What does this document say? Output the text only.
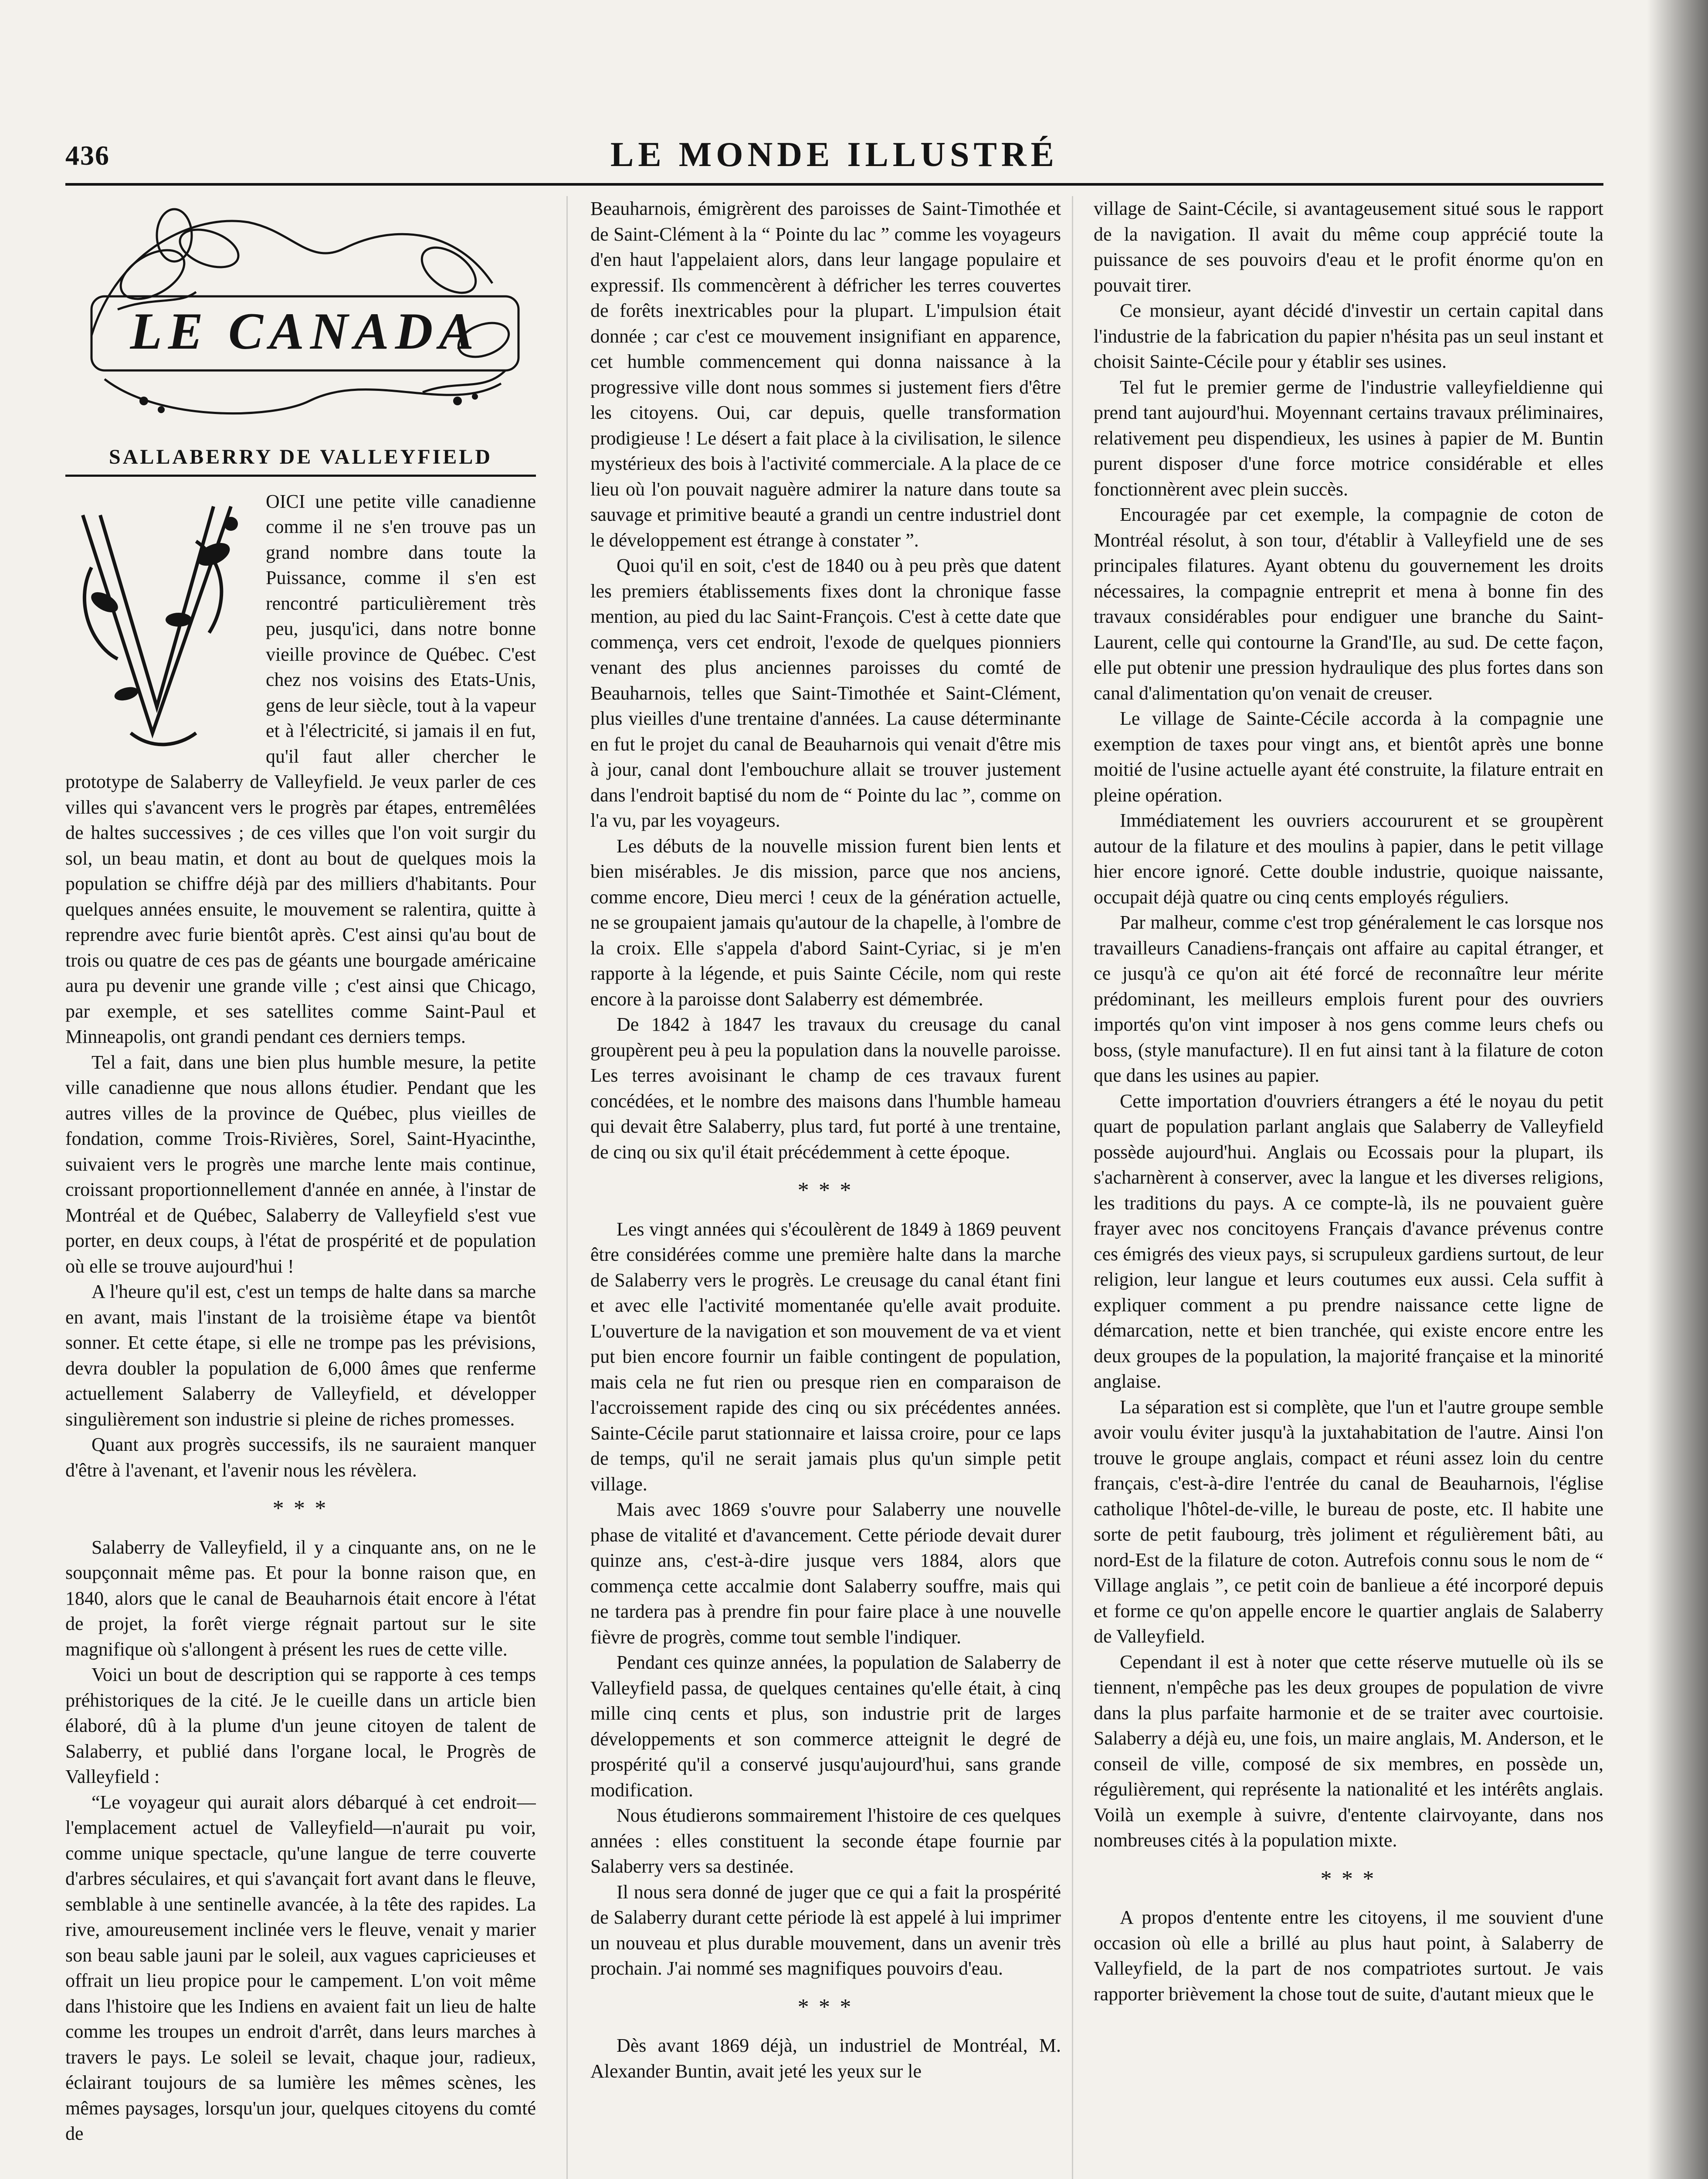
436	LE MONDE ILLUSTRÉ
LE CANADA
SALLABERRY DE VALLEYFIELD

OICI une petite ville canadienne comme il ne s'en trouve pas un grand nombre dans toute la Puissance, comme il s'en est rencontré particulièrement très peu, jusqu'ici, dans notre bonne vieille province de Québec. C'est chez nos voisins des Etats-Unis, gens de leur siècle, tout à la vapeur et à l'électricité, si jamais il en fut, qu'il faut aller chercher le prototype de Salaberry de Valleyfield. Je veux parler de ces villes qui s'avancent vers le progrès par étapes, entremêlées de haltes successives ; de ces villes que l'on voit surgir du sol, un beau matin, et dont au bout de quelques mois la population se chiffre déjà par des milliers d'habitants. Pour quelques années ensuite, le mouvement se ralentira, quitte à reprendre avec furie bientôt après. C'est ainsi qu'au bout de trois ou quatre de ces pas de géants une bourgade américaine aura pu devenir une grande ville ; c'est ainsi que Chicago, par exemple, et ses satellites comme Saint-Paul et Minneapolis, ont grandi pendant ces derniers temps.

Tel a fait, dans une bien plus humble mesure, la petite ville canadienne que nous allons étudier. Pendant que les autres villes de la province de Québec, plus vieilles de fondation, comme Trois-Rivières, Sorel, Saint-Hyacinthe, suivaient vers le progrès une marche lente mais continue, croissant proportionnellement d'année en année, à l'instar de Montréal et de Québec, Salaberry de Valleyfield s'est vue porter, en deux coups, à l'état de prospérité et de population où elle se trouve aujourd'hui !

A l'heure qu'il est, c'est un temps de halte dans sa marche en avant, mais l'instant de la troisième étape va bientôt sonner. Et cette étape, si elle ne trompe pas les prévisions, devra doubler la population de 6,000 âmes que renferme actuellement Salaberry de Valleyfield, et développer singulièrement son industrie si pleine de riches promesses.

Quant aux progrès successifs, ils ne sauraient manquer d'être à l'avenant, et l'avenir nous les révèlera.

* * *

Salaberry de Valleyfield, il y a cinquante ans, on ne le soupçonnait même pas. Et pour la bonne raison que, en 1840, alors que le canal de Beauharnois était encore à l'état de projet, la forêt vierge régnait partout sur le site magnifique où s'allongent à présent les rues de cette ville.

Voici un bout de description qui se rapporte à ces temps préhistoriques de la cité. Je le cueille dans un article bien élaboré, dû à la plume d'un jeune citoyen de talent de Salaberry, et publié dans l'organe local, le Progrès de Valleyfield :

“Le voyageur qui aurait alors débarqué à cet endroit—l'emplacement actuel de Valleyfield—n'aurait pu voir, comme unique spectacle, qu'une langue de terre couverte d'arbres séculaires, et qui s'avançait fort avant dans le fleuve, semblable à une sentinelle avancée, à la tête des rapides. La rive, amoureusement inclinée vers le fleuve, venait y marier son beau sable jauni par le soleil, aux vagues capricieuses et offrait un lieu propice pour le campement. L'on voit même dans l'histoire que les Indiens en avaient fait un lieu de halte comme les troupes un endroit d'arrêt, dans leurs marches à travers le pays. Le soleil se levait, chaque jour, radieux, éclairant toujours de sa lumière les mêmes scènes, les mêmes paysages, lorsqu'un jour, quelques citoyens du comté de

Beauharnois, émigrèrent des paroisses de Saint-Timothée et de Saint-Clément à la “ Pointe du lac ” comme les voyageurs d'en haut l'appelaient alors, dans leur langage populaire et expressif. Ils commencèrent à défricher les terres couvertes de forêts inextricables pour la plupart. L'impulsion était donnée ; car c'est ce mouvement insignifiant en apparence, cet humble commencement qui donna naissance à la progressive ville dont nous sommes si justement fiers d'être les citoyens. Oui, car depuis, quelle transformation prodigieuse ! Le désert a fait place à la civilisation, le silence mystérieux des bois à l'activité commerciale. A la place de ce lieu où l'on pouvait naguère admirer la nature dans toute sa sauvage et primitive beauté a grandi un centre industriel dont le développement est étrange à constater ”.

Quoi qu'il en soit, c'est de 1840 ou à peu près que datent les premiers établissements fixes dont la chronique fasse mention, au pied du lac Saint-François. C'est à cette date que commença, vers cet endroit, l'exode de quelques pionniers venant des plus anciennes paroisses du comté de Beauharnois, telles que Saint-Timothée et Saint-Clément, plus vieilles d'une trentaine d'années. La cause déterminante en fut le projet du canal de Beauharnois qui venait d'être mis à jour, canal dont l'embouchure allait se trouver justement dans l'endroit baptisé du nom de “ Pointe du lac ”, comme on l'a vu, par les voyageurs.

Les débuts de la nouvelle mission furent bien lents et bien misérables. Je dis mission, parce que nos anciens, comme encore, Dieu merci ! ceux de la génération actuelle, ne se groupaient jamais qu'autour de la chapelle, à l'ombre de la croix. Elle s'appela d'abord Saint-Cyriac, si je m'en rapporte à la légende, et puis Sainte Cécile, nom qui reste encore à la paroisse dont Salaberry est démembrée.

De 1842 à 1847 les travaux du creusage du canal groupèrent peu à peu la population dans la nouvelle paroisse. Les terres avoisinant le champ de ces travaux furent concédées, et le nombre des maisons dans l'humble hameau qui devait être Salaberry, plus tard, fut porté à une trentaine, de cinq ou six qu'il était précédemment à cette époque.

* * *

Les vingt années qui s'écoulèrent de 1849 à 1869 peuvent être considérées comme une première halte dans la marche de Salaberry vers le progrès. Le creusage du canal étant fini et avec elle l'activité momentanée qu'elle avait produite. L'ouverture de la navigation et son mouvement de va et vient put bien encore fournir un faible contingent de population, mais cela ne fut rien ou presque rien en comparaison de l'accroissement rapide des cinq ou six précédentes années. Sainte-Cécile parut stationnaire et laissa croire, pour ce laps de temps, qu'il ne serait jamais plus qu'un simple petit village.

Mais avec 1869 s'ouvre pour Salaberry une nouvelle phase de vitalité et d'avancement. Cette période devait durer quinze ans, c'est-à-dire jusque vers 1884, alors que commença cette accalmie dont Salaberry souffre, mais qui ne tardera pas à prendre fin pour faire place à une nouvelle fièvre de progrès, comme tout semble l'indiquer.

Pendant ces quinze années, la population de Salaberry de Valleyfield passa, de quelques centaines qu'elle était, à cinq mille cinq cents et plus, son industrie prit de larges développements et son commerce atteignit le degré de prospérité qu'il a conservé jusqu'aujourd'hui, sans grande modification.

Nous étudierons sommairement l'histoire de ces quelques années : elles constituent la seconde étape fournie par Salaberry vers sa destinée.

Il nous sera donné de juger que ce qui a fait la prospérité de Salaberry durant cette période là est appelé à lui imprimer un nouveau et plus durable mouvement, dans un avenir très prochain. J'ai nommé ses magnifiques pouvoirs d'eau.

* * *

Dès avant 1869 déjà, un industriel de Montréal, M. Alexander Buntin, avait jeté les yeux sur le

village de Saint-Cécile, si avantageusement situé sous le rapport de la navigation. Il avait du même coup apprécié toute la puissance de ses pouvoirs d'eau et le profit énorme qu'on en pouvait tirer.

Ce monsieur, ayant décidé d'investir un certain capital dans l'industrie de la fabrication du papier n'hésita pas un seul instant et choisit Sainte-Cécile pour y établir ses usines.

Tel fut le premier germe de l'industrie valleyfieldienne qui prend tant aujourd'hui. Moyennant certains travaux préliminaires, relativement peu dispendieux, les usines à papier de M. Buntin purent disposer d'une force motrice considérable et elles fonctionnèrent avec plein succès.

Encouragée par cet exemple, la compagnie de coton de Montréal résolut, à son tour, d'établir à Valleyfield une de ses principales filatures. Ayant obtenu du gouvernement les droits nécessaires, la compagnie entreprit et mena à bonne fin des travaux considérables pour endiguer une branche du Saint-Laurent, celle qui contourne la Grand'Ile, au sud. De cette façon, elle put obtenir une pression hydraulique des plus fortes dans son canal d'alimentation qu'on venait de creuser.

Le village de Sainte-Cécile accorda à la compagnie une exemption de taxes pour vingt ans, et bientôt après une bonne moitié de l'usine actuelle ayant été construite, la filature entrait en pleine opération.

Immédiatement les ouvriers accoururent et se groupèrent autour de la filature et des moulins à papier, dans le petit village hier encore ignoré. Cette double industrie, quoique naissante, occupait déjà quatre ou cinq cents employés réguliers.

Par malheur, comme c'est trop généralement le cas lorsque nos travailleurs Canadiens-français ont affaire au capital étranger, et ce jusqu'à ce qu'on ait été forcé de reconnaître leur mérite prédominant, les meilleurs emplois furent pour des ouvriers importés qu'on vint imposer à nos gens comme leurs chefs ou boss, (style manufacture). Il en fut ainsi tant à la filature de coton que dans les usines au papier.

Cette importation d'ouvriers étrangers a été le noyau du petit quart de population parlant anglais que Salaberry de Valleyfield possède aujourd'hui. Anglais ou Ecossais pour la plupart, ils s'acharnèrent à conserver, avec la langue et les diverses religions, les traditions du pays. A ce compte-là, ils ne pouvaient guère frayer avec nos concitoyens Français d'avance prévenus contre ces émigrés des vieux pays, si scrupuleux gardiens surtout, de leur religion, leur langue et leurs coutumes eux aussi. Cela suffit à expliquer comment a pu prendre naissance cette ligne de démarcation, nette et bien tranchée, qui existe encore entre les deux groupes de la population, la majorité française et la minorité anglaise.

La séparation est si complète, que l'un et l'autre groupe semble avoir voulu éviter jusqu'à la juxtahabitation de l'autre. Ainsi l'on trouve le groupe anglais, compact et réuni assez loin du centre français, c'est-à-dire l'entrée du canal de Beauharnois, l'église catholique l'hôtel-de-ville, le bureau de poste, etc. Il habite une sorte de petit faubourg, très joliment et régulièrement bâti, au nord-Est de la filature de coton. Autrefois connu sous le nom de “ Village anglais ”, ce petit coin de banlieue a été incorporé depuis et forme ce qu'on appelle encore le quartier anglais de Salaberry de Valleyfield.

Cependant il est à noter que cette réserve mutuelle où ils se tiennent, n'empêche pas les deux groupes de population de vivre dans la plus parfaite harmonie et de se traiter avec courtoisie. Salaberry a déjà eu, une fois, un maire anglais, M. Anderson, et le conseil de ville, composé de six membres, en possède un, régulièrement, qui représente la nationalité et les intérêts anglais. Voilà un exemple à suivre, d'entente clairvoyante, dans nos nombreuses cités à la population mixte.

* * *

A propos d'entente entre les citoyens, il me souvient d'une occasion où elle a brillé au plus haut point, à Salaberry de Valleyfield, de la part de nos compatriotes surtout. Je vais rapporter brièvement la chose tout de suite, d'autant mieux que le
